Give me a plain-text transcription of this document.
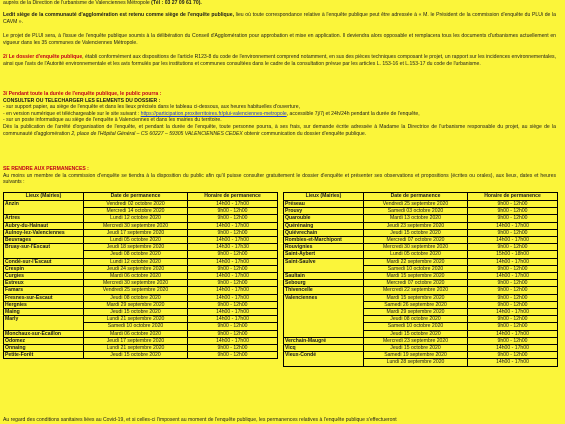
auprès de la Direction de l'urbanisme de Valenciennes Métropole (Tél : 03 27 09 61 70).
Ledit siège de la communauté d'agglomération est retenu comme siège de l'enquête publique, lieu où toute correspondance relative à l'enquête publique peut être adressée à « M. le Président de la commission d'enquête du PLUi de la CAVM ».
Le projet de PLUI sera, à l'issue de l'enquête publique soumis à la délibération du Conseil d'Agglomération pour approbation et mise en application. Il deviendra alors opposable et remplacera tous les documents d'urbanismes actuellement en vigueur dans les 35 communes de Valenciennes Métropole.
2/ Le dossier d'enquête publique, établi conformément aux dispositions de l'article R123-8 du code de l'environnement comprend notamment, en sus des pièces techniques composant le projet, un rapport sur les incidences environnementales, ainsi que l'avis de l'Autorité environnementale et les avis formulés par les institutions et communes consultées dans le cadre de la consultation prévue par les articles L. 153-16 et L.153-17 du code de l'urbanisme.
3/ Pendant toute la durée de l'enquête publique, le public pourra :
CONSULTER OU TELECHARGER LES ELEMENTS DU DOSSIER :
- sur support papier, au siège de l'enquête et dans les lieux précisés dans le tableau ci-dessous, aux heures habituelles d'ouverture,
- en version numérique et téléchargeable sur le site suivant : https://participation.proxiterritoires.fr/plui-valenciennes-metropole, accessible 7j/7j et 24h/24h pendant la durée de l'enquête,
- sur un poste informatique au siège de l'enquête à Valenciennes et dans les mairies du territoire.
Dès la publication de l'arrêté d'organisation de l'enquête, et pendant la durée de l'enquête, toute personne pourra, à ses frais, sur demande écrite adressée à Madame la Directrice de l'urbanisme responsable du projet, au siège de la communauté d'agglomération 2, place de l'Hôpital Général – CS 60227 – 59305 VALENCIENNES CEDEX obtenir communication du dossier d'enquête publique.
SE RENDRE AUX PERMANENCES :
Au moins un membre de la commission d'enquête se tiendra à la disposition du public afin qu'il puisse consulter gratuitement le dossier d'enquête et présenter ses observations et propositions (écrites ou orales), aux lieux, dates et heures suivants :
Lieux (Mairies)	Date de permanence	Horaire de permanence
Anzin	Vendredi 02 octobre 2020	14h00 - 17h00
	Mercredi 14 octobre 2020	9h00 - 12h00
Artres	Lundi 12 octobre 2020	9h00 - 12h00
Aubry-du-Hainaut	Mercredi 30 septembre 2020	14h00 - 17h00
Aulnoy-lez-Valenciennes	Jeudi 17 septembre 2020	9h00 - 12h00
Beuvrages	Lundi 05 octobre 2020	14h00 - 17h00
Bruay-sur-l'Escaut	Jeudi 18 septembre 2020	14h30 - 17h30
	Jeudi 08 octobre 2020	9h00 - 12h00
Condé-sur-l'Escaut	Lundi 12 octobre 2020	14h00 - 17h00
Crespin	Jeudi 24 septembre 2020	9h00 - 12h00
Curgies	Mardi 06 octobre 2020	14h00 - 17h00
Estreux	Mercredi 30 septembre 2020	9h00 - 12h00
Famars	Vendredi 25 septembre 2020	14h00 - 17h00
Fresnes-sur-Escaut	Jeudi 08 octobre 2020	14h00 - 17h00
Hergnies	Mardi 29 septembre 2020	9h00 - 12h00
Maing	Jeudi 15 octobre 2020	14h00 - 17h00
Marly	Lundi 21 septembre 2020	14h00 - 17h00
	Samedi 10 octobre 2020	9h00 - 12h00
Monchaux-sur-Ecaillon	Mardi 06 octobre 2020	9h00 - 12h00
Odomez	Jeudi 17 septembre 2020	14h00 - 17h00
Onnaing	Lundi 21 septembre 2020	9h00 - 12h00
Petite-Forêt	Jeudi 15 octobre 2020	9h00 - 12h00
Lieux (Mairies)	Date de permanence	Horaire de permanence
Préseau	Vendredi 25 septembre 2020	9h00 - 12h00
Prouvy	Samedi 03 octobre 2020	9h00 - 12h00
Quarouble	Mardi 13 octobre 2020	9h00 - 12h00
Quérénaing	Jeudi 23 septembre 2020	14h00 - 17h00
Quiévrechain	Jeudi 15 octobre 2020	9h00 - 12h00
Rombies-et-Marchipont	Mercredi 07 octobre 2020	14h00 - 17h00
Rouvignies	Mercredi 30 septembre 2020	9h00 - 12h00
Saint-Aybert	Lundi 05 octobre 2020	15h00 - 18h00
Saint-Saulve	Mardi 22 septembre 2020	14h00 - 17h00
	Samedi 10 octobre 2020	9h00 - 12h00
Saultain	Mardi 15 septembre 2020	14h00 - 17h00
Sebourg	Mercredi 07 octobre 2020	9h00 - 12h00
Thivencelle	Mercredi 22 septembre 2020	9h00 - 12h00
Valenciennes	Mardi 15 septembre 2020	9h00 - 12h00
	Samedi 26 septembre 2020	9h00 - 12h00
	Mardi 29 septembre 2020	14h00 - 17h00
	Jeudi 08 octobre 2020	9h00 - 12h00
	Samedi 10 octobre 2020	9h00 - 12h00
	Jeudi 15 octobre 2020	14h00 - 17h00
Verchain-Maugré	Mercredi 23 septembre 2020	9h00 - 12h00
Vicq	Jeudi 15 octobre 2020	14h00 - 17h00
Vieux-Condé	Samedi 19 septembre 2020	9h00 - 12h00
	Lundi 28 septembre 2020	14h00 - 17h00
Au regard des conditions sanitaires liées au Covid-19, et si celles-ci l'imposent au moment de l'enquête publique, les permanences relatives à l'enquête publique s'effectueront
